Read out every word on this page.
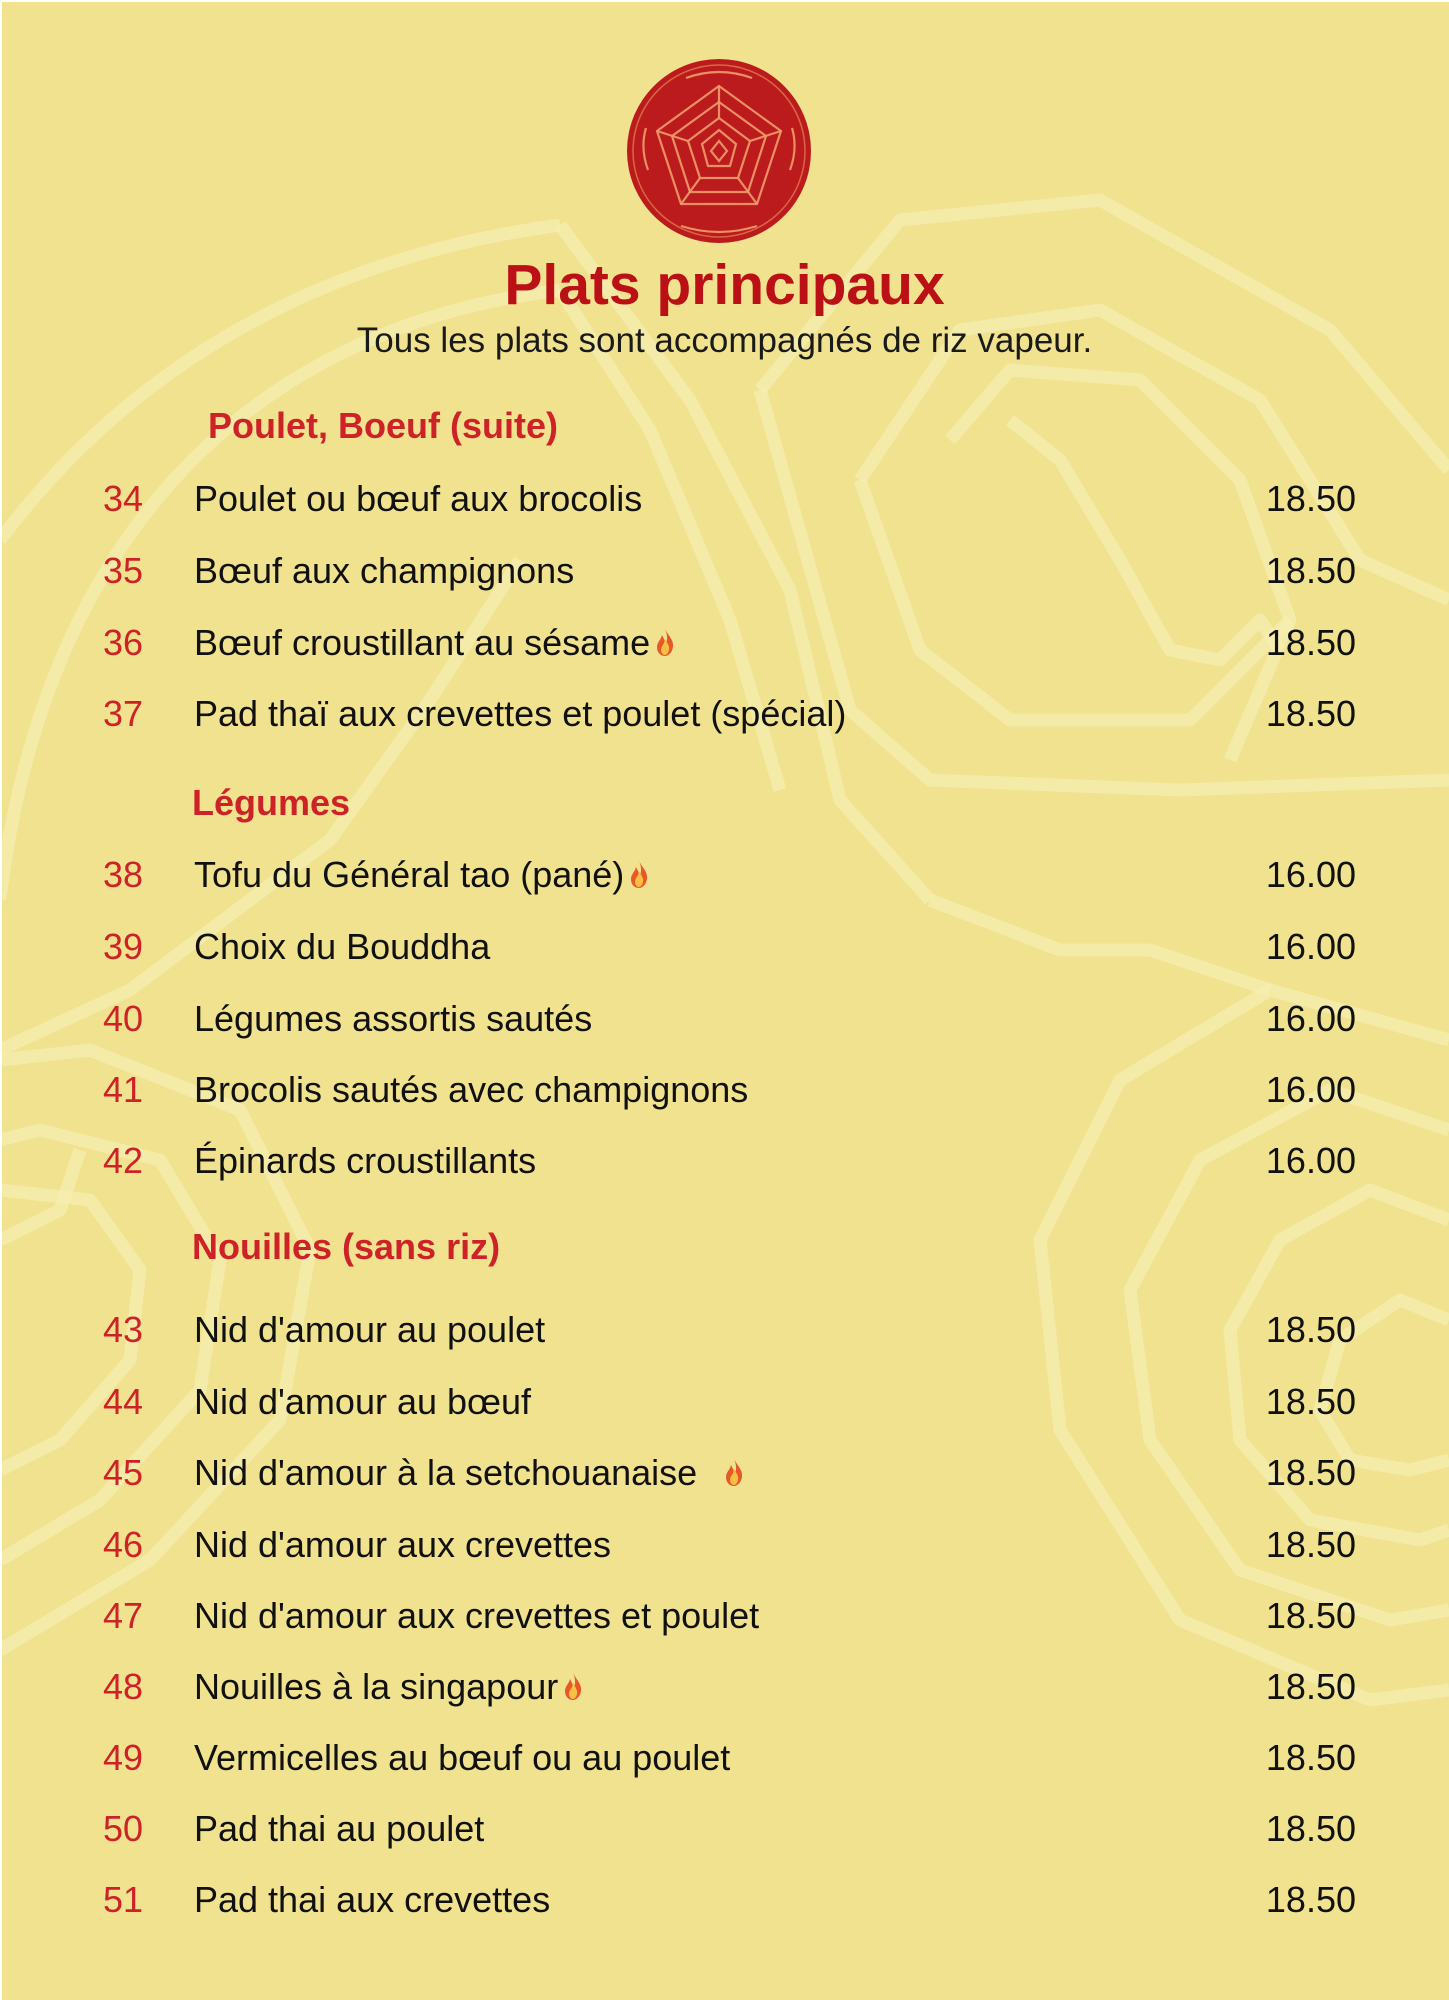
Plats principaux
Tous les plats sont accompagnés de riz vapeur.
Poulet, Boeuf (suite)
34 Poulet ou bœuf aux brocolis	18.50
35 Bœuf aux champignons	18.50
36 Bœuf croustillant au sésame	18.50
37 Pad thaï aux crevettes et poulet (spécial)	18.50
Légumes
38 Tofu du Général tao (pané)	16.00
39 Choix du Bouddha	16.00
40 Légumes assortis sautés	16.00
41 Brocolis sautés avec champignons	16.00
42 Épinards croustillants	16.00
Nouilles (sans riz)
43 Nid d'amour au poulet	18.50
44 Nid d'amour au bœuf	18.50
45 Nid d'amour à la setchouanaise	18.50
46 Nid d'amour aux crevettes	18.50
47 Nid d'amour aux crevettes et poulet	18.50
48 Nouilles à la singapour	18.50
49 Vermicelles au bœuf ou au poulet	18.50
50 Pad thai au poulet	18.50
51 Pad thai aux crevettes	18.50
